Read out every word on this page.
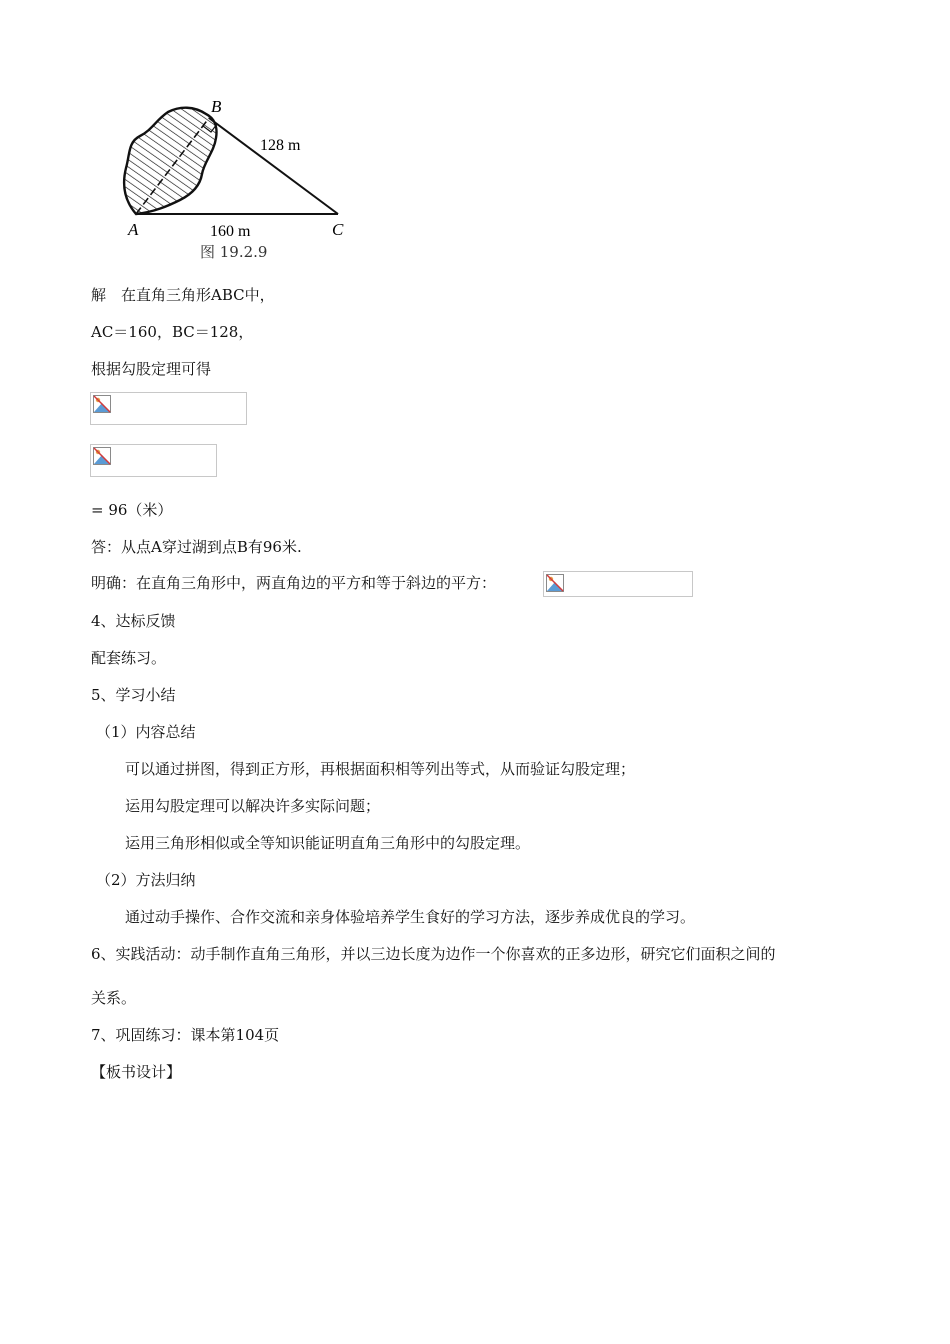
B
A	C
128 m
160 m
图 19.2.9
解　在直角三角形ABC中，
AC＝160，BC＝128，
根据勾股定理可得
= 96（米）
答：从点A穿过湖到点B有96米.
明确：在直角三角形中，两直角边的平方和等于斜边的平方：
4、达标反馈
配套练习。
5、学习小结
（1）内容总结
可以通过拼图，得到正方形，再根据面积相等列出等式，从而验证勾股定理；
运用勾股定理可以解决许多实际问题；
运用三角形相似或全等知识能证明直角三角形中的勾股定理。
（2）方法归纳
通过动手操作、合作交流和亲身体验培养学生食好的学习方法，逐步养成优良的学习。
6、实践活动：动手制作直角三角形，并以三边长度为边作一个你喜欢的正多边形，研究它们面积之间的
关系。
7、巩固练习：课本第104页
【板书设计】
